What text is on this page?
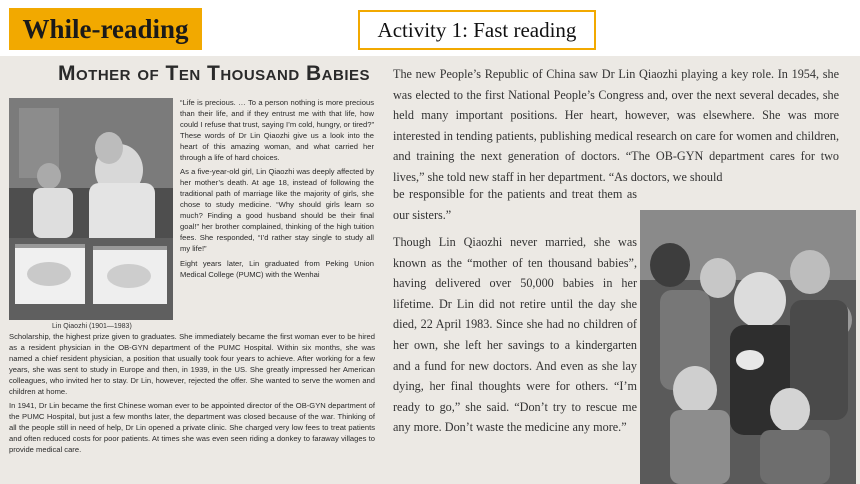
While-reading	Activity 1: Fast reading
Mother of Ten Thousand Babies
Lin Qiaozhi (1901—1983)

“Life is precious. … To a person nothing is more precious than their life, and if they entrust me with that life, how could I refuse that trust, saying I’m cold, hungry, or tired?” These words of Dr Lin Qiaozhi give us a look into the heart of this amazing woman, and what carried her through a life of hard choices.

As a five-year-old girl, Lin Qiaozhi was deeply affected by her mother’s death. At age 18, instead of following the traditional path of marriage like the majority of girls, she chose to study medicine. “Why should girls learn so much? Finding a good husband should be their final goal!” her brother complained, thinking of the high tuition fees. She responded, “I’d rather stay single to study all my life!”

Eight years later, Lin graduated from Peking Union Medical College (PUMC) with the Wenhai

Scholarship, the highest prize given to graduates. She immediately became the first woman ever to be hired as a resident physician in the OB-GYN department of the PUMC Hospital. Within six months, she was named a chief resident physician, a position that usually took four years to achieve. After working for a few years, she was sent to study in Europe and then, in 1939, in the US. She greatly impressed her American colleagues, who invited her to stay. Dr Lin, however, rejected the offer. She wanted to serve the women and children at home.

In 1941, Dr Lin became the first Chinese woman ever to be appointed director of the OB-GYN department of the PUMC Hospital, but just a few months later, the department was closed because of the war. Thinking of all the people still in need of help, Dr Lin opened a private clinic. She charged very low fees to treat patients and often reduced costs for poor patients. At times she was even seen riding a donkey to faraway villages to provide medical care.

The new People’s Republic of China saw Dr Lin Qiaozhi playing a key role. In 1954, she was elected to the first National People’s Congress and, over the next several decades, she held many important positions. Her heart, however, was elsewhere. She was more interested in tending patients, publishing medical research on care for women and children, and training the next generation of doctors. “The OB-GYN department cares for two lives,” she told new staff in her department. “As doctors, we should
be responsible for the patients and treat them as our sisters.”
Though Lin Qiaozhi never married, she was known as the “mother of ten thousand babies”, having delivered over 50,000 babies in her lifetime. Dr Lin did not retire until the day she died, 22 April 1983. Since she had no children of her own, she left her savings to a kindergarten and a fund for new doctors. And even as she lay dying, her final thoughts were for others. “I’m ready to go,” she said. “Don’t try to rescue me any more. Don’t waste the medicine any more.”
